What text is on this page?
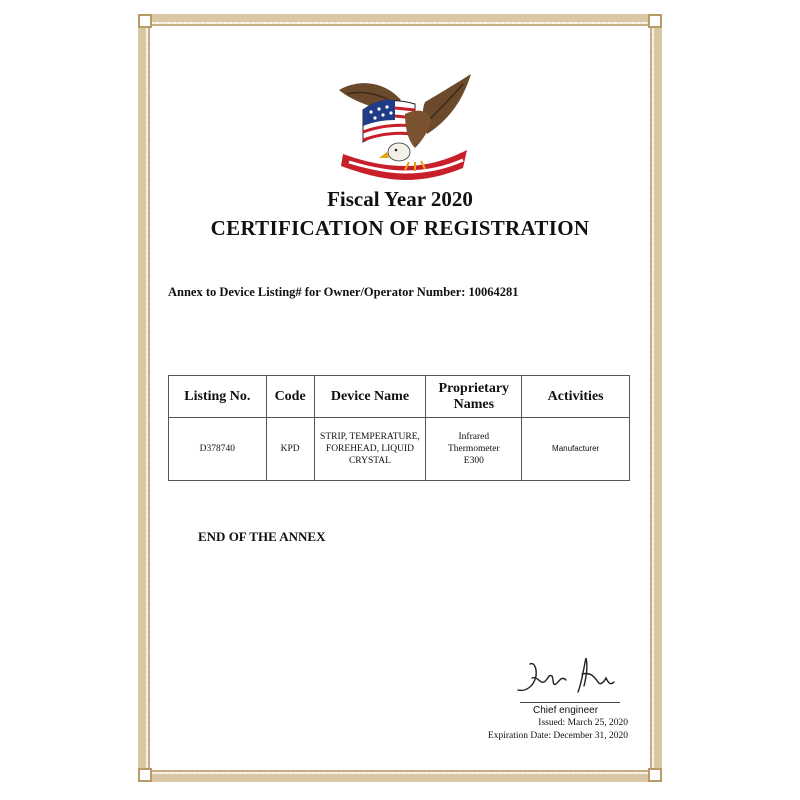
Fiscal Year 2020
CERTIFICATION OF REGISTRATION
Annex to Device Listing# for Owner/Operator Number: 10064281
Listing No.	Code	Device Name	Proprietary Names	Activities
D378740	KPD	STRIP, TEMPERATURE, FOREHEAD, LIQUID CRYSTAL	Infrared Thermometer E300	Manufacturer
END OF THE ANNEX
Chief engineer
Issued: March 25, 2020
Expiration Date: December 31, 2020
